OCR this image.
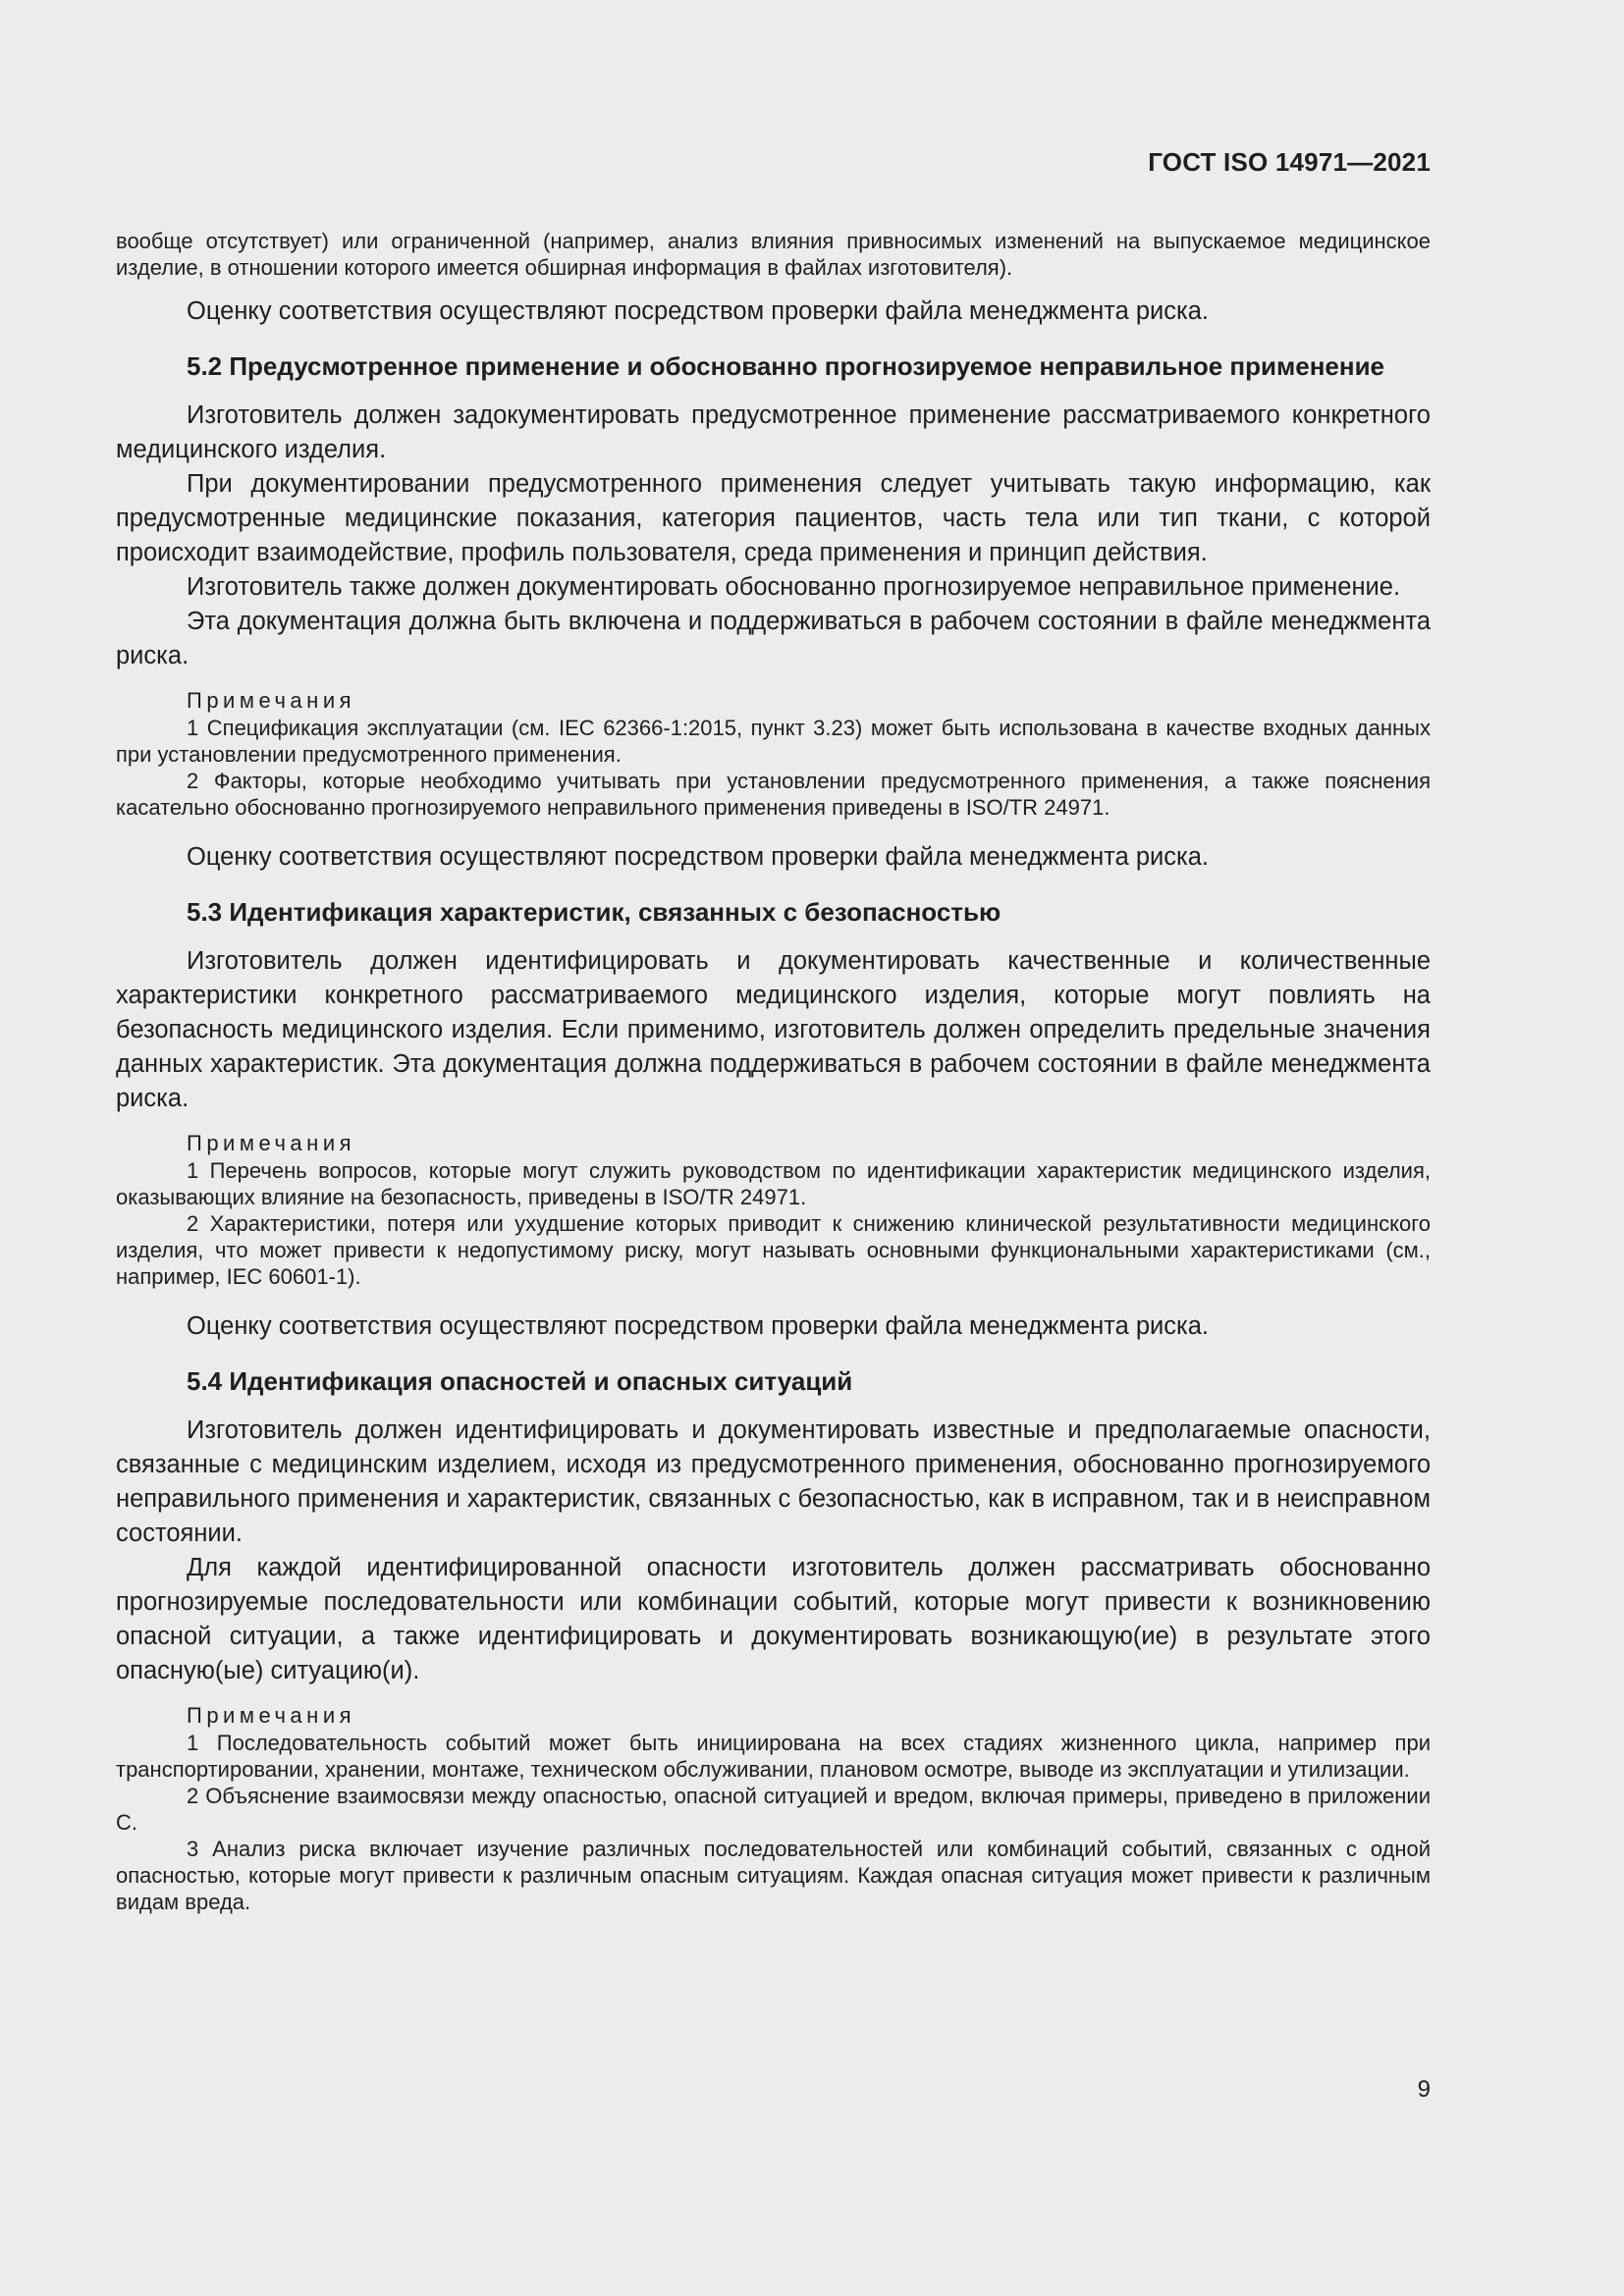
ГОСТ ISO 14971—2021

вообще отсутствует) или ограниченной (например, анализ влияния привносимых изменений на выпускаемое медицинское изделие, в отношении которого имеется обширная информация в файлах изготовителя).

Оценку соответствия осуществляют посредством проверки файла менеджмента риска.

5.2 Предусмотренное применение и обоснованно прогнозируемое неправильное применение

Изготовитель должен задокументировать предусмотренное применение рассматриваемого конкретного медицинского изделия.

При документировании предусмотренного применения следует учитывать такую информацию, как предусмотренные медицинские показания, категория пациентов, часть тела или тип ткани, с которой происходит взаимодействие, профиль пользователя, среда применения и принцип действия.

Изготовитель также должен документировать обоснованно прогнозируемое неправильное применение.

Эта документация должна быть включена и поддерживаться в рабочем состоянии в файле менеджмента риска.

Примечания

1 Спецификация эксплуатации (см. IEC 62366-1:2015, пункт 3.23) может быть использована в качестве входных данных при установлении предусмотренного применения.

2 Факторы, которые необходимо учитывать при установлении предусмотренного применения, а также пояснения касательно обоснованно прогнозируемого неправильного применения приведены в ISO/TR 24971.

Оценку соответствия осуществляют посредством проверки файла менеджмента риска.

5.3 Идентификация характеристик, связанных с безопасностью

Изготовитель должен идентифицировать и документировать качественные и количественные характеристики конкретного рассматриваемого медицинского изделия, которые могут повлиять на безопасность медицинского изделия. Если применимо, изготовитель должен определить предельные значения данных характеристик. Эта документация должна поддерживаться в рабочем состоянии в файле менеджмента риска.

Примечания

1 Перечень вопросов, которые могут служить руководством по идентификации характеристик медицинского изделия, оказывающих влияние на безопасность, приведены в ISO/TR 24971.

2 Характеристики, потеря или ухудшение которых приводит к снижению клинической результативности медицинского изделия, что может привести к недопустимому риску, могут называть основными функциональными характеристиками (см., например, IEC 60601-1).

Оценку соответствия осуществляют посредством проверки файла менеджмента риска.

5.4 Идентификация опасностей и опасных ситуаций

Изготовитель должен идентифицировать и документировать известные и предполагаемые опасности, связанные с медицинским изделием, исходя из предусмотренного применения, обоснованно прогнозируемого неправильного применения и характеристик, связанных с безопасностью, как в исправном, так и в неисправном состоянии.

Для каждой идентифицированной опасности изготовитель должен рассматривать обоснованно прогнозируемые последовательности или комбинации событий, которые могут привести к возникновению опасной ситуации, а также идентифицировать и документировать возникающую(ие) в результате этого опасную(ые) ситуацию(и).

Примечания

1 Последовательность событий может быть инициирована на всех стадиях жизненного цикла, например при транспортировании, хранении, монтаже, техническом обслуживании, плановом осмотре, выводе из эксплуатации и утилизации.

2 Объяснение взаимосвязи между опасностью, опасной ситуацией и вредом, включая примеры, приведено в приложении С.

3 Анализ риска включает изучение различных последовательностей или комбинаций событий, связанных с одной опасностью, которые могут привести к различным опасным ситуациям. Каждая опасная ситуация может привести к различным видам вреда.

9
